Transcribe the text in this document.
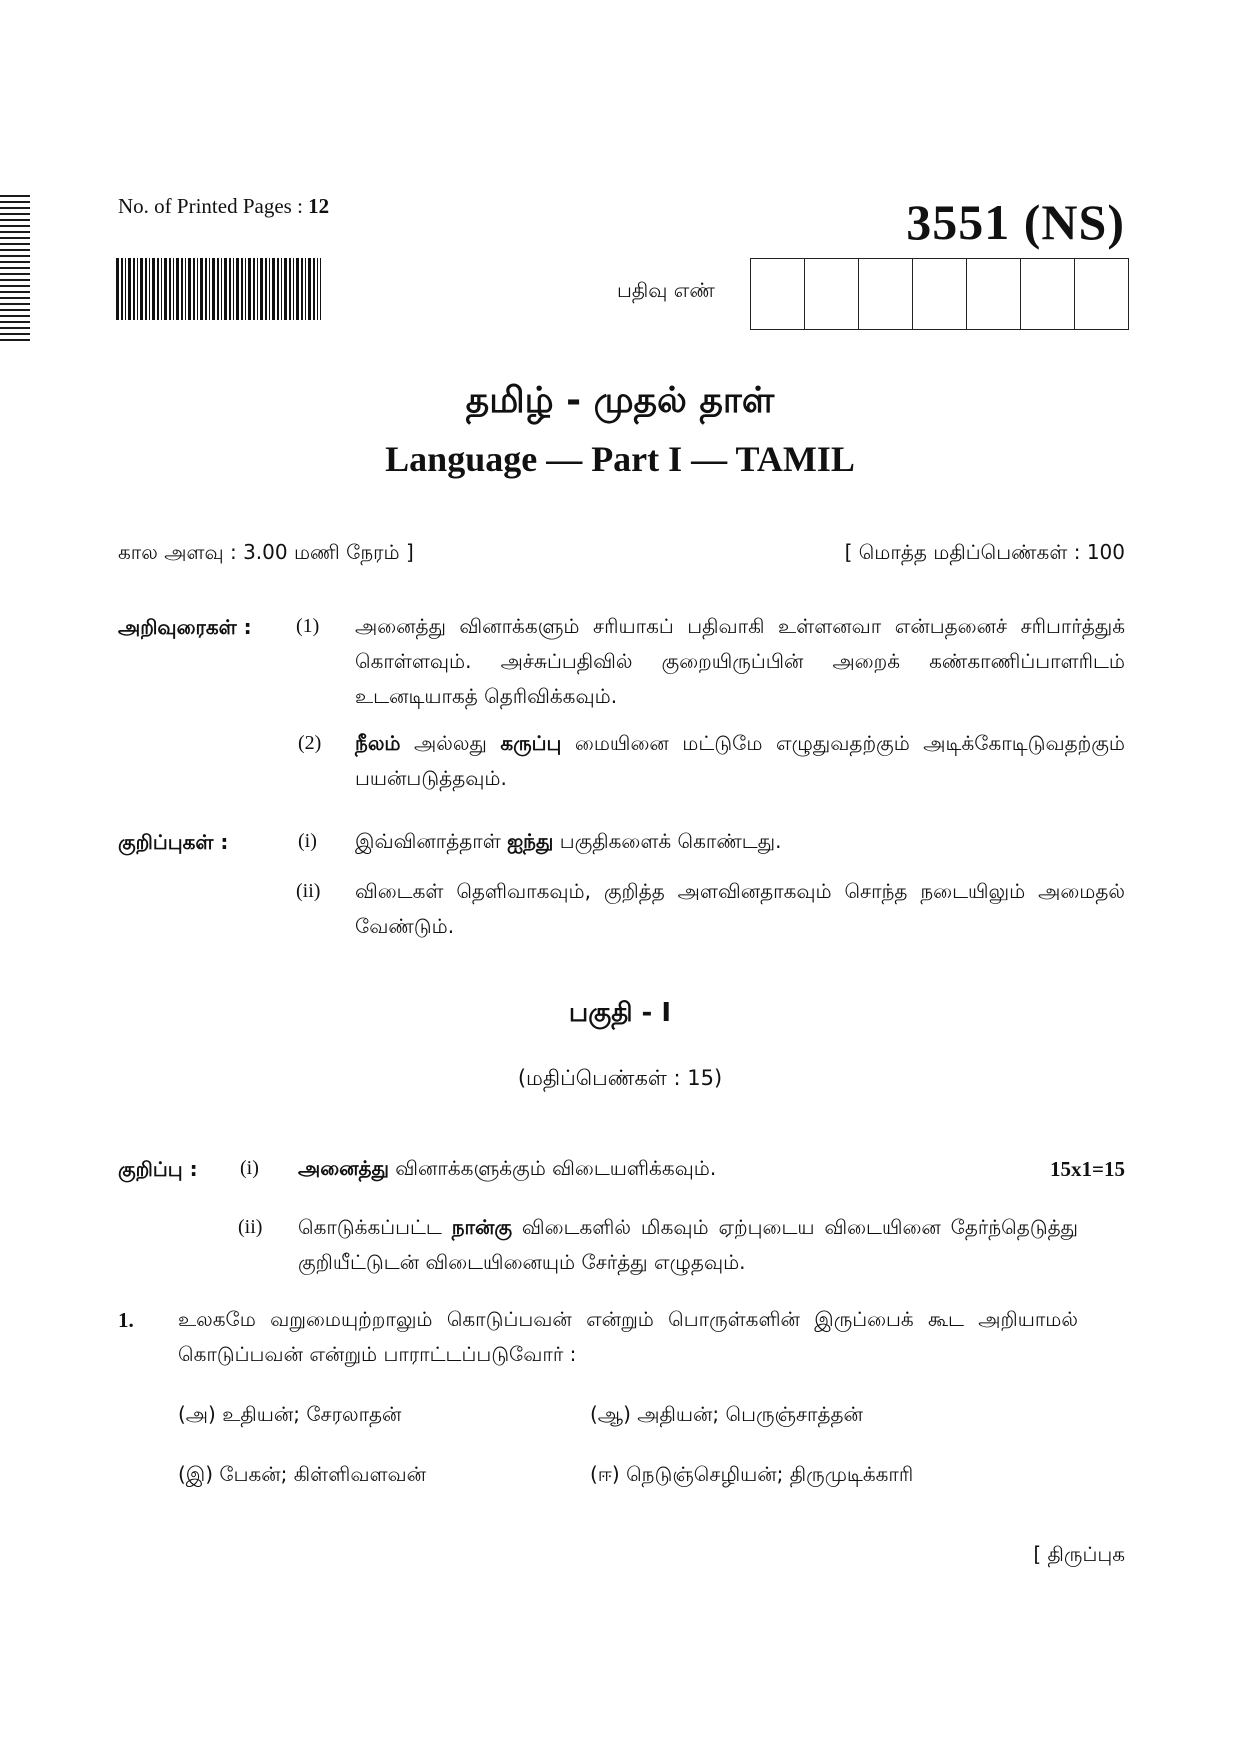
No. of Printed Pages : 12	3551 (NS)
பதிவு எண்
தமிழ் - முதல் தாள்
Language — Part I — TAMIL
கால அளவு : 3.00 மணி நேரம் ]	[ மொத்த மதிப்பெண்கள் : 100
அறிவுரைகள் : (1) அனைத்து வினாக்களும் சரியாகப் பதிவாகி உள்ளனவா என்பதனைச் சரிபார்த்துக் கொள்ளவும். அச்சுப்பதிவில் குறையிருப்பின் அறைக் கண்காணிப்பாளரிடம் உடனடியாகத் தெரிவிக்கவும்.
(2) நீலம் அல்லது கருப்பு மையினை மட்டுமே எழுதுவதற்கும் அடிக்கோடிடுவதற்கும் பயன்படுத்தவும்.
குறிப்புகள் :	(i) இவ்வினாத்தாள் ஐந்து பகுதிகளைக் கொண்டது.
(ii) விடைகள் தெளிவாகவும், குறித்த அளவினதாகவும் சொந்த நடையிலும் அமைதல் வேண்டும்.
பகுதி - I
(மதிப்பெண்கள் : 15)
குறிப்பு : (i) அனைத்து வினாக்களுக்கும் விடையளிக்கவும்.	15x1=15
(ii) கொடுக்கப்பட்ட நான்கு விடைகளில் மிகவும் ஏற்புடைய விடையினை தேர்ந்தெடுத்து குறியீட்டுடன் விடையினையும் சேர்த்து எழுதவும்.
1. உலகமே வறுமையுற்றாலும் கொடுப்பவன் என்றும் பொருள்களின் இருப்பைக் கூட அறியாமல் கொடுப்பவன் என்றும் பாராட்டப்படுவோர் :
(அ) உதியன்; சேரலாதன்	(ஆ) அதியன்; பெருஞ்சாத்தன்
(இ) பேகன்; கிள்ளிவளவன்	(ஈ) நெடுஞ்செழியன்; திருமுடிக்காரி
[ திருப்புக
